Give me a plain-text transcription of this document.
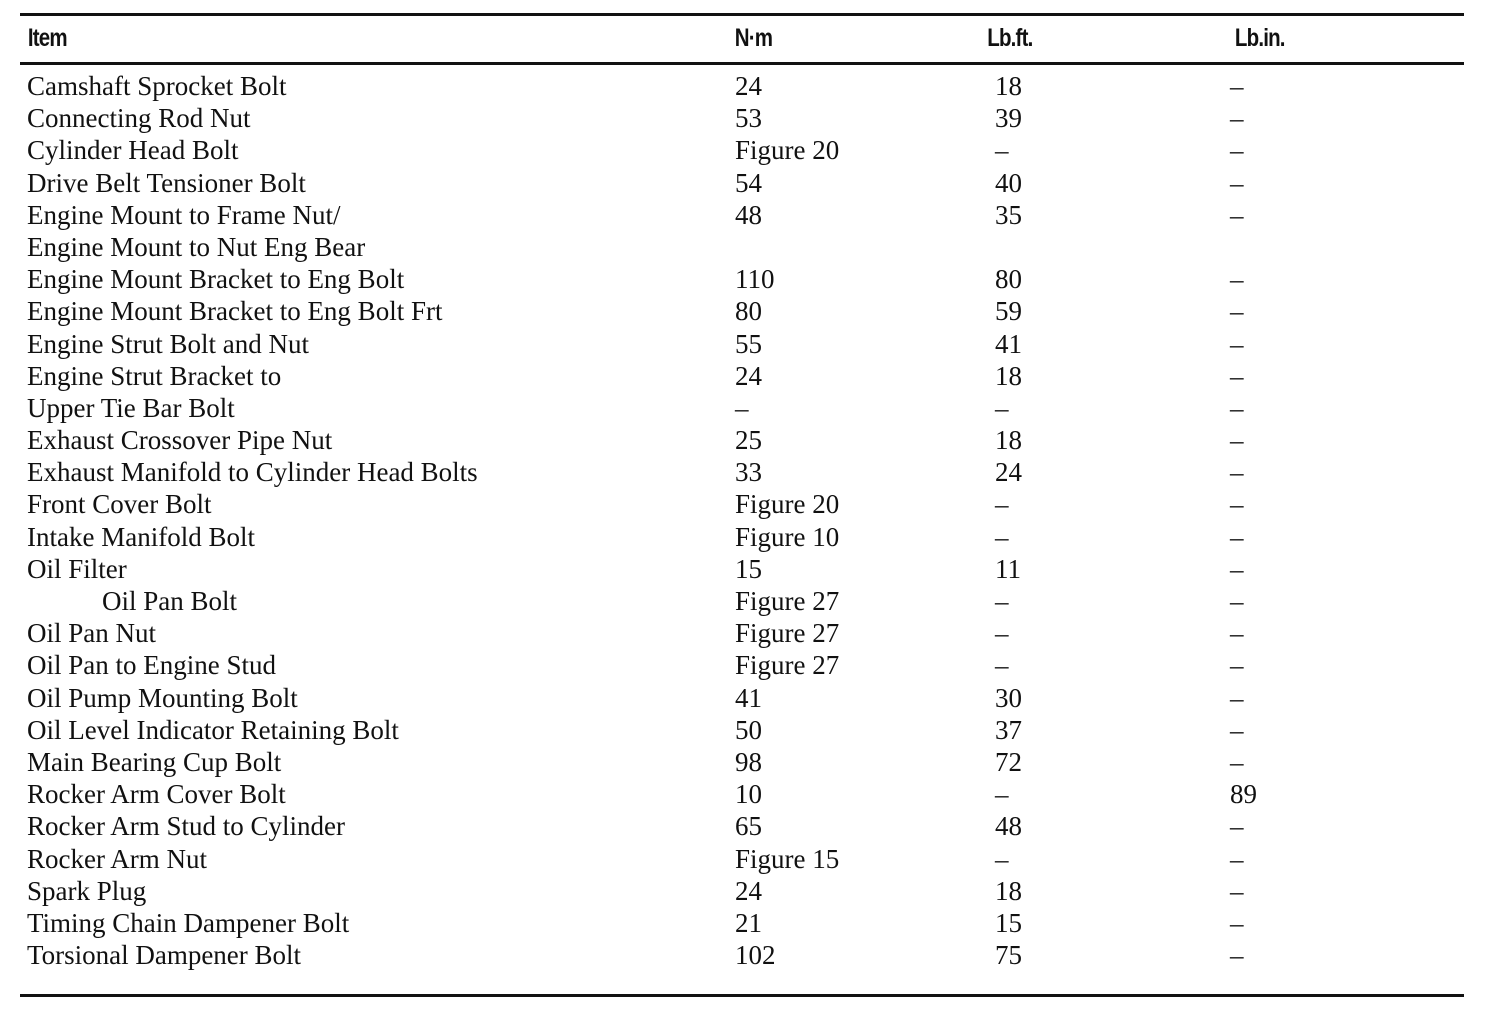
Item	N·m	Lb.ft.	Lb.in.
Camshaft Sprocket Bolt	24	18	–
Connecting Rod Nut	53	39	–
Cylinder Head Bolt	Figure 20	–	–
Drive Belt Tensioner Bolt	54	40	–
Engine Mount to Frame Nut/	48	35	–
Engine Mount to Nut Eng Bear
Engine Mount Bracket to Eng Bolt	110	80	–
Engine Mount Bracket to Eng Bolt Frt	80	59	–
Engine Strut Bolt and Nut	55	41	–
Engine Strut Bracket to	24	18	–
Upper Tie Bar Bolt	–	–	–
Exhaust Crossover Pipe Nut	25	18	–
Exhaust Manifold to Cylinder Head Bolts	33	24	–
Front Cover Bolt	Figure 20	–	–
Intake Manifold Bolt	Figure 10	–	–
Oil Filter	15	11	–
Oil Pan Bolt	Figure 27	–	–
Oil Pan Nut	Figure 27	–	–
Oil Pan to Engine Stud	Figure 27	–	–
Oil Pump Mounting Bolt	41	30	–
Oil Level Indicator Retaining Bolt	50	37	–
Main Bearing Cup Bolt	98	72	–
Rocker Arm Cover Bolt	10	–	89
Rocker Arm Stud to Cylinder	65	48	–
Rocker Arm Nut	Figure 15	–	–
Spark Plug	24	18	–
Timing Chain Dampener Bolt	21	15	–
Torsional Dampener Bolt	102	75	–
